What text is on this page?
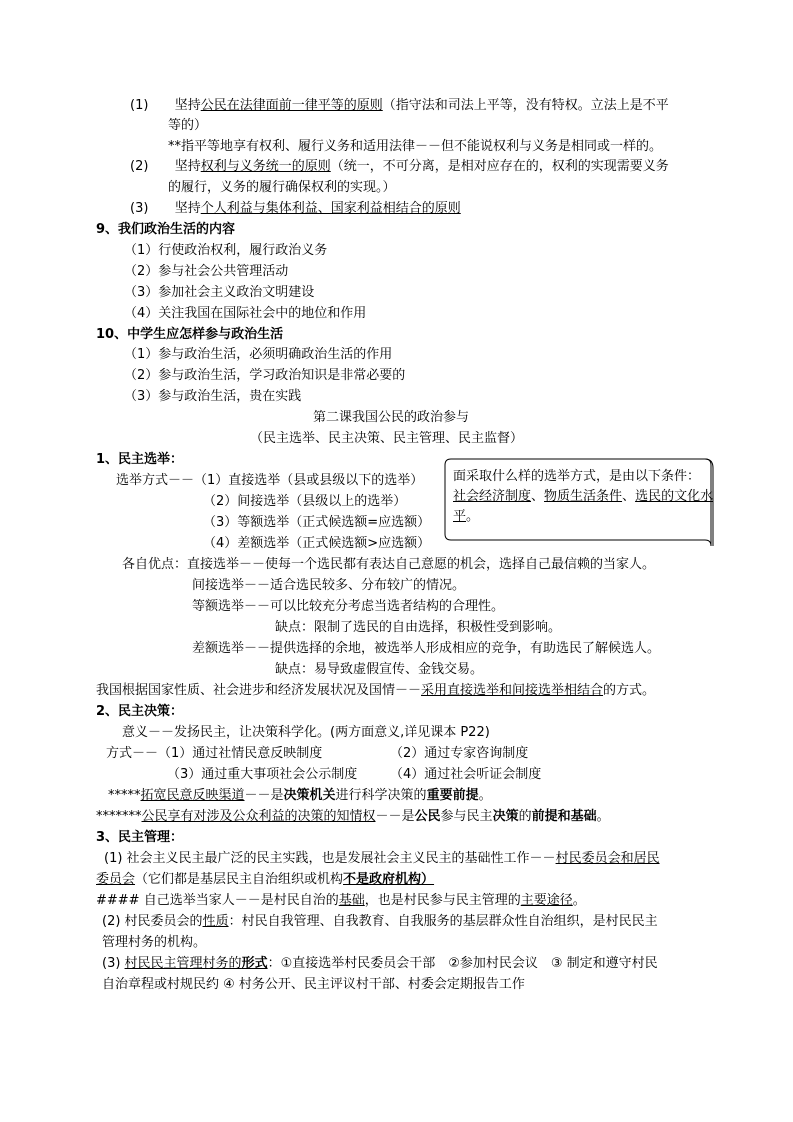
(1) 坚持公民在法律面前一律平等的原则（指守法和司法上平等，没有特权。立法上是不平
等的）
**指平等地享有权利、履行义务和适用法律－－但不能说权利与义务是相同或一样的。
(2) 坚持权利与义务统一的原则（统一，不可分离，是相对应存在的，权利的实现需要义务
的履行，义务的履行确保权利的实现。）
(3) 坚持个人利益与集体利益、国家利益相结合的原则
9、我们政治生活的内容
（1）行使政治权利，履行政治义务
（2）参与社会公共管理活动
（3）参加社会主义政治文明建设
（4）关注我国在国际社会中的地位和作用
10、中学生应怎样参与政治生活
（1）参与政治生活，必须明确政治生活的作用
（2）参与政治生活，学习政治知识是非常必要的
（3）参与政治生活，贵在实践
第二课我国公民的政治参与
（民主选举、民主决策、民主管理、民主监督）
面采取什么样的选举方式，是由以下条件：
社会经济制度、物质生活条件、选民的文化水平。
1、民主选举：
选举方式－－（1）直接选举（县或县级以下的选举）
（2）间接选举（县级以上的选举）
（3）等额选举（正式候选额=应选额）
（4）差额选举（正式候选额>应选额）
各自优点：直接选举－－使每一个选民都有表达自己意愿的机会，选择自己最信赖的当家人。
间接选举－－适合选民较多、分布较广的情况。
等额选举－－可以比较充分考虑当选者结构的合理性。
缺点：限制了选民的自由选择，积极性受到影响。
差额选举－－提供选择的余地，被选举人形成相应的竞争，有助选民了解候选人。
缺点：易导致虚假宣传、金钱交易。
我国根据国家性质、社会进步和经济发展状况及国情－－采用直接选举和间接选举相结合的方式。
2、民主决策：
意义－－发扬民主，让决策科学化。(两方面意义,详见课本 P22)
方式－－（1）通过社情民意反映制度	（2）通过专家咨询制度
（3）通过重大事项社会公示制度	（4）通过社会听证会制度
*****拓宽民意反映渠道－－是决策机关进行科学决策的重要前提。
*******公民享有对涉及公众利益的决策的知情权－－是公民参与民主决策的前提和基础。
3、民主管理：
(1) 社会主义民主最广泛的民主实践，也是发展社会主义民主的基础性工作－－村民委员会和居民
委员会（它们都是基层民主自治组织或机构不是政府机构）
#### 自己选举当家人－－是村民自治的基础，也是村民参与民主管理的主要途径。
(2) 村民委员会的性质：村民自我管理、自我教育、自我服务的基层群众性自治组织，是村民民主
管理村务的机构。
(3) 村民民主管理村务的形式：①直接选举村民委员会干部　②参加村民会议　③ 制定和遵守村民
自治章程或村规民约 ④ 村务公开、民主评议村干部、村委会定期报告工作
